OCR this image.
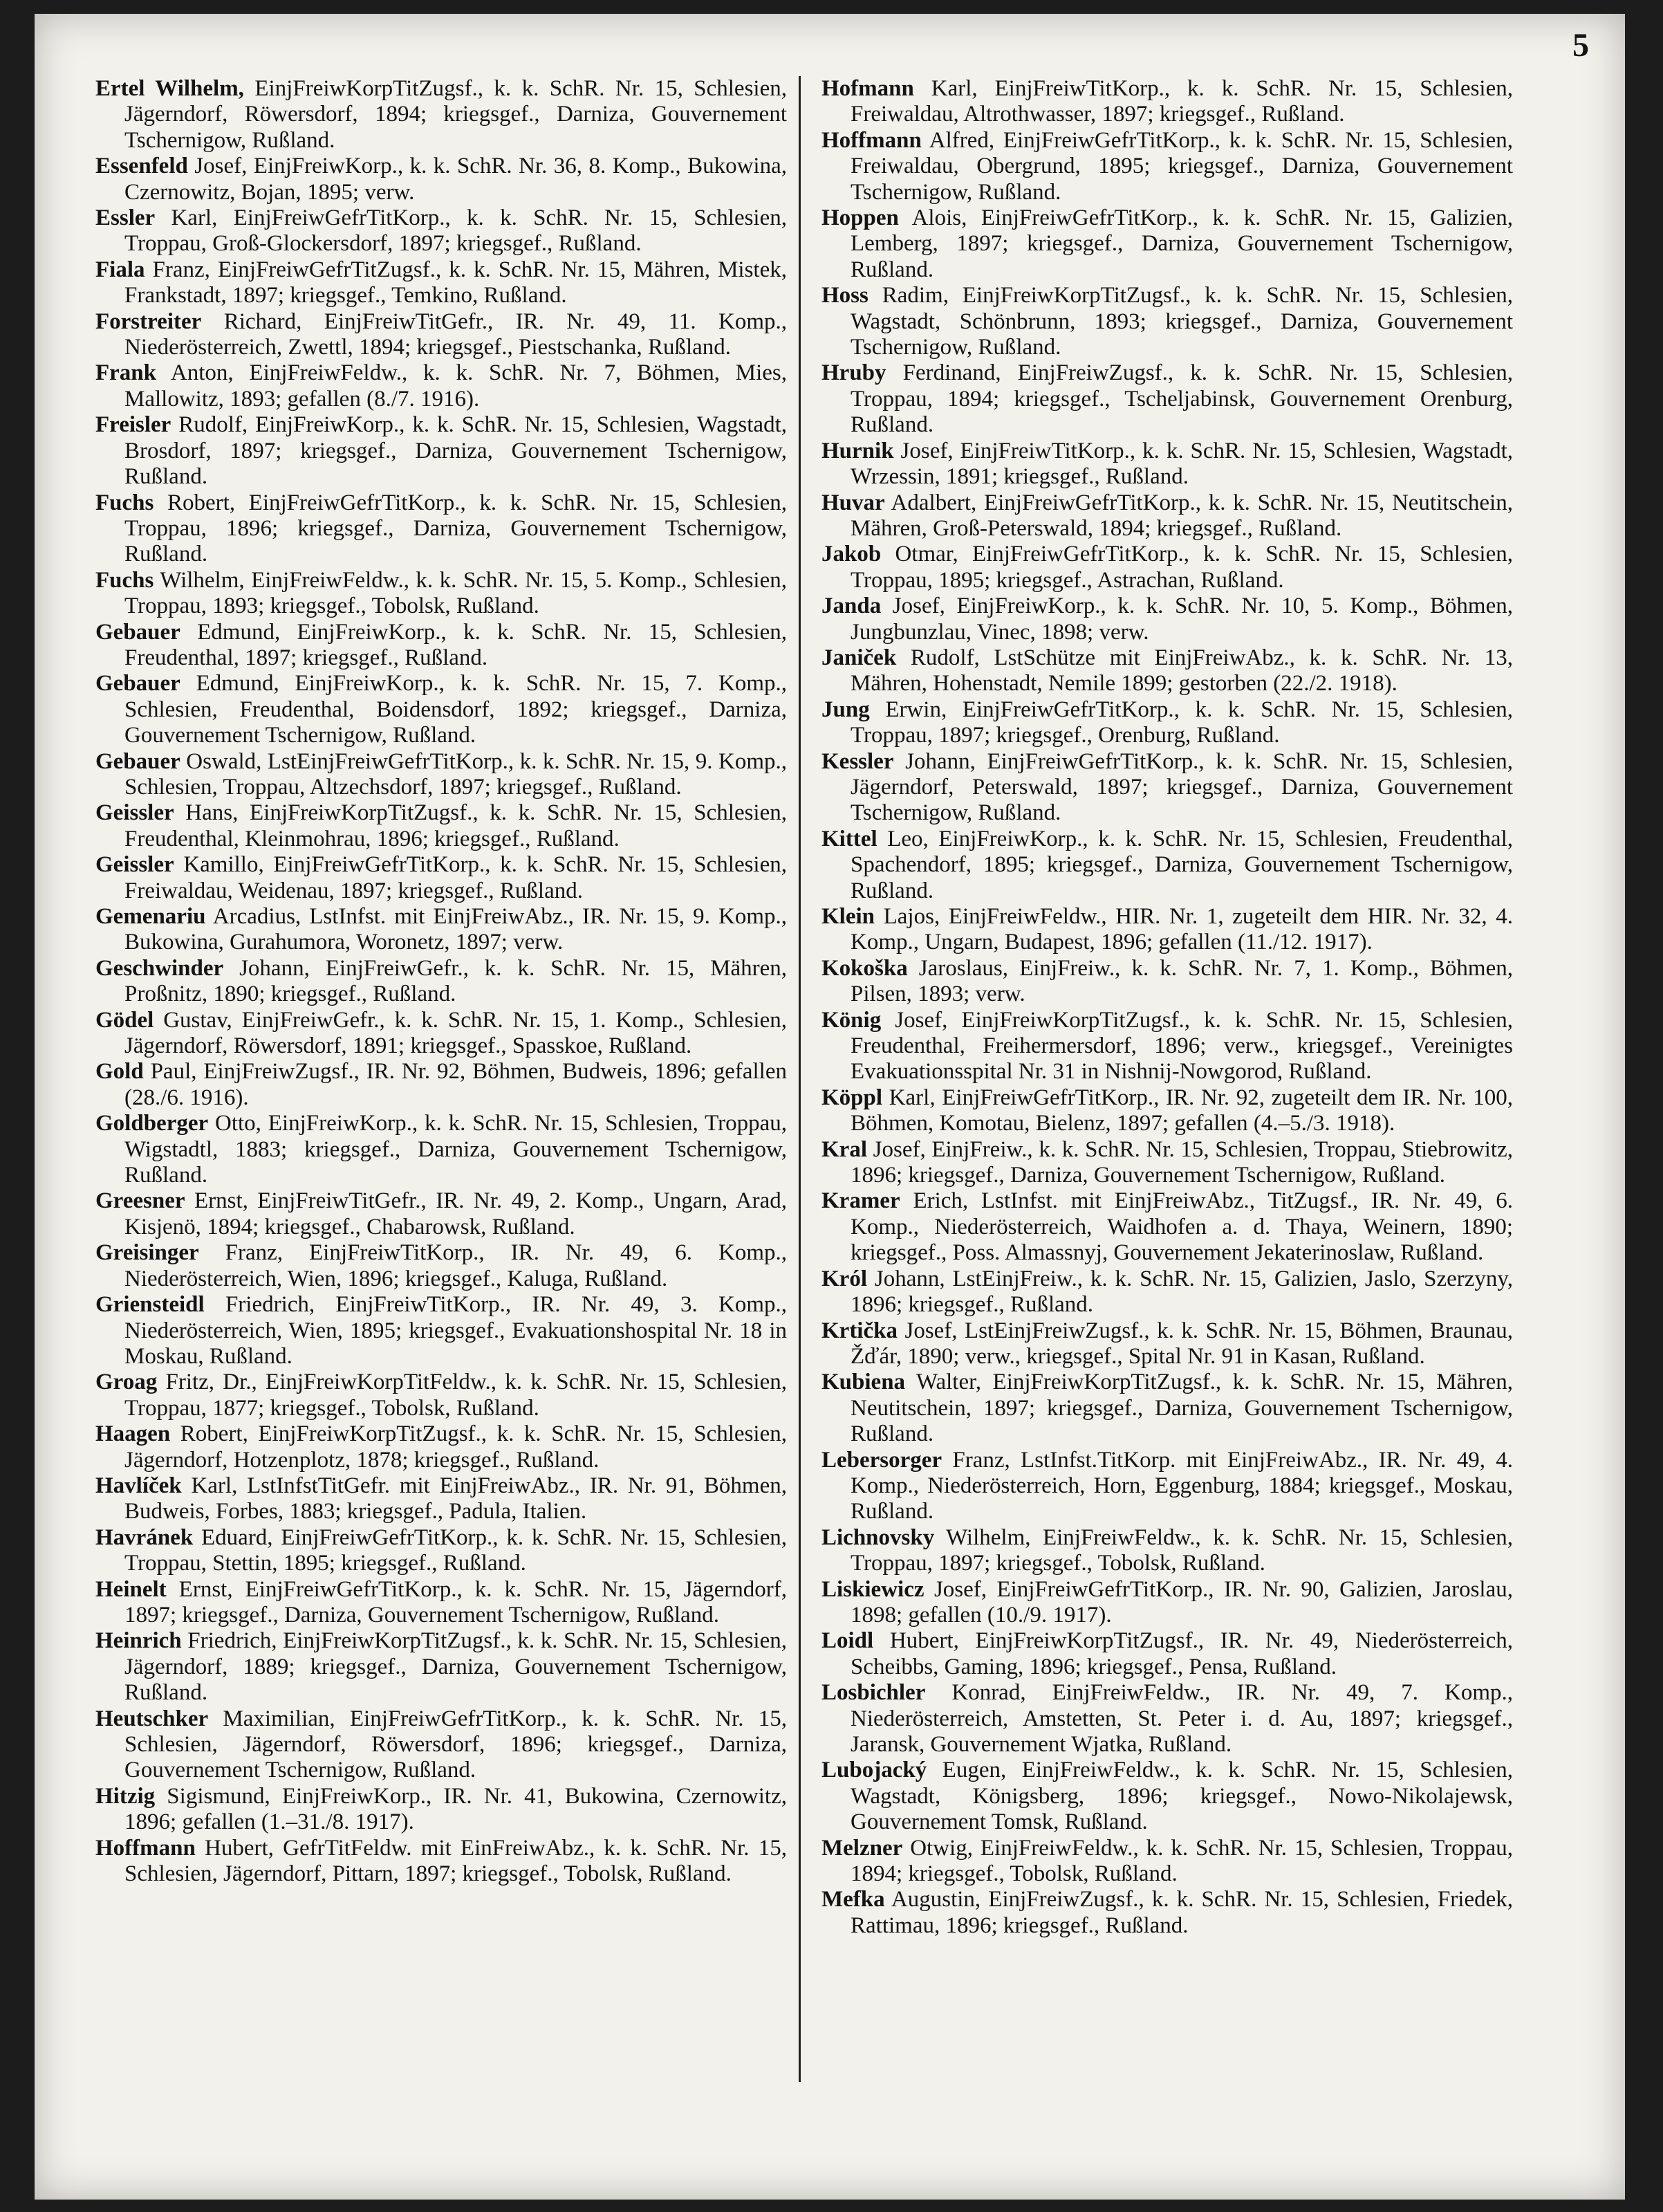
5

Ertel Wilhelm, EinjFreiwKorpTitZugsf., k. k. SchR. Nr. 15, Schlesien, Jägerndorf, Röwersdorf, 1894; kriegsgef., Darniza, Gouvernement Tschernigow, Rußland.

Essenfeld Josef, EinjFreiwKorp., k. k. SchR. Nr. 36, 8. Komp., Bukowina, Czernowitz, Bojan, 1895; verw.

Essler Karl, EinjFreiwGefrTitKorp., k. k. SchR. Nr. 15, Schlesien, Troppau, Groß-Glockersdorf, 1897; kriegsgef., Rußland.

Fiala Franz, EinjFreiwGefrTitZugsf., k. k. SchR. Nr. 15, Mähren, Mistek, Frankstadt, 1897; kriegsgef., Temkino, Rußland.

Forstreiter Richard, EinjFreiwTitGefr., IR. Nr. 49, 11. Komp., Niederösterreich, Zwettl, 1894; kriegsgef., Piestschanka, Rußland.

Frank Anton, EinjFreiwFeldw., k. k. SchR. Nr. 7, Böhmen, Mies, Mallowitz, 1893; gefallen (8./7. 1916).

Freisler Rudolf, EinjFreiwKorp., k. k. SchR. Nr. 15, Schlesien, Wagstadt, Brosdorf, 1897; kriegsgef., Darniza, Gouvernement Tschernigow, Rußland.

Fuchs Robert, EinjFreiwGefrTitKorp., k. k. SchR. Nr. 15, Schlesien, Troppau, 1896; kriegsgef., Darniza, Gouvernement Tschernigow, Rußland.

Fuchs Wilhelm, EinjFreiwFeldw., k. k. SchR. Nr. 15, 5. Komp., Schlesien, Troppau, 1893; kriegsgef., Tobolsk, Rußland.

Gebauer Edmund, EinjFreiwKorp., k. k. SchR. Nr. 15, Schlesien, Freudenthal, 1897; kriegsgef., Rußland.

Gebauer Edmund, EinjFreiwKorp., k. k. SchR. Nr. 15, 7. Komp., Schlesien, Freudenthal, Boidensdorf, 1892; kriegsgef., Darniza, Gouvernement Tschernigow, Rußland.

Gebauer Oswald, LstEinjFreiwGefrTitKorp., k. k. SchR. Nr. 15, 9. Komp., Schlesien, Troppau, Altzechsdorf, 1897; kriegsgef., Rußland.

Geissler Hans, EinjFreiwKorpTitZugsf., k. k. SchR. Nr. 15, Schlesien, Freudenthal, Kleinmohrau, 1896; kriegsgef., Rußland.

Geissler Kamillo, EinjFreiwGefrTitKorp., k. k. SchR. Nr. 15, Schlesien, Freiwaldau, Weidenau, 1897; kriegsgef., Rußland.

Gemenariu Arcadius, LstInfst. mit EinjFreiwAbz., IR. Nr. 15, 9. Komp., Bukowina, Gurahumora, Woronetz, 1897; verw.

Geschwinder Johann, EinjFreiwGefr., k. k. SchR. Nr. 15, Mähren, Proßnitz, 1890; kriegsgef., Rußland.

Gödel Gustav, EinjFreiwGefr., k. k. SchR. Nr. 15, 1. Komp., Schlesien, Jägerndorf, Röwersdorf, 1891; kriegsgef., Spasskoe, Rußland.

Gold Paul, EinjFreiwZugsf., IR. Nr. 92, Böhmen, Budweis, 1896; gefallen (28./6. 1916).

Goldberger Otto, EinjFreiwKorp., k. k. SchR. Nr. 15, Schlesien, Troppau, Wigstadtl, 1883; kriegsgef., Darniza, Gouvernement Tschernigow, Rußland.

Greesner Ernst, EinjFreiwTitGefr., IR. Nr. 49, 2. Komp., Ungarn, Arad, Kisjenö, 1894; kriegsgef., Chabarowsk, Rußland.

Greisinger Franz, EinjFreiwTitKorp., IR. Nr. 49, 6. Komp., Niederösterreich, Wien, 1896; kriegsgef., Kaluga, Rußland.

Griensteidl Friedrich, EinjFreiwTitKorp., IR. Nr. 49, 3. Komp., Niederösterreich, Wien, 1895; kriegsgef., Evakuationshospital Nr. 18 in Moskau, Rußland.

Groag Fritz, Dr., EinjFreiwKorpTitFeldw., k. k. SchR. Nr. 15, Schlesien, Troppau, 1877; kriegsgef., Tobolsk, Rußland.

Haagen Robert, EinjFreiwKorpTitZugsf., k. k. SchR. Nr. 15, Schlesien, Jägerndorf, Hotzenplotz, 1878; kriegsgef., Rußland.

Havlíček Karl, LstInfstTitGefr. mit EinjFreiwAbz., IR. Nr. 91, Böhmen, Budweis, Forbes, 1883; kriegsgef., Padula, Italien.

Havránek Eduard, EinjFreiwGefrTitKorp., k. k. SchR. Nr. 15, Schlesien, Troppau, Stettin, 1895; kriegsgef., Rußland.

Heinelt Ernst, EinjFreiwGefrTitKorp., k. k. SchR. Nr. 15, Jägerndorf, 1897; kriegsgef., Darniza, Gouvernement Tschernigow, Rußland.

Heinrich Friedrich, EinjFreiwKorpTitZugsf., k. k. SchR. Nr. 15, Schlesien, Jägerndorf, 1889; kriegsgef., Darniza, Gouvernement Tschernigow, Rußland.

Heutschker Maximilian, EinjFreiwGefrTitKorp., k. k. SchR. Nr. 15, Schlesien, Jägerndorf, Röwersdorf, 1896; kriegsgef., Darniza, Gouvernement Tschernigow, Rußland.

Hitzig Sigismund, EinjFreiwKorp., IR. Nr. 41, Bukowina, Czernowitz, 1896; gefallen (1.–31./8. 1917).

Hoffmann Hubert, GefrTitFeldw. mit EinFreiwAbz., k. k. SchR. Nr. 15, Schlesien, Jägerndorf, Pittarn, 1897; kriegsgef., Tobolsk, Rußland.

Hofmann Karl, EinjFreiwTitKorp., k. k. SchR. Nr. 15, Schlesien, Freiwaldau, Altrothwasser, 1897; kriegsgef., Rußland.

Hoffmann Alfred, EinjFreiwGefrTitKorp., k. k. SchR. Nr. 15, Schlesien, Freiwaldau, Obergrund, 1895; kriegsgef., Darniza, Gouvernement Tschernigow, Rußland.

Hoppen Alois, EinjFreiwGefrTitKorp., k. k. SchR. Nr. 15, Galizien, Lemberg, 1897; kriegsgef., Darniza, Gouvernement Tschernigow, Rußland.

Hoss Radim, EinjFreiwKorpTitZugsf., k. k. SchR. Nr. 15, Schlesien, Wagstadt, Schönbrunn, 1893; kriegsgef., Darniza, Gouvernement Tschernigow, Rußland.

Hruby Ferdinand, EinjFreiwZugsf., k. k. SchR. Nr. 15, Schlesien, Troppau, 1894; kriegsgef., Tscheljabinsk, Gouvernement Orenburg, Rußland.

Hurnik Josef, EinjFreiwTitKorp., k. k. SchR. Nr. 15, Schlesien, Wagstadt, Wrzessin, 1891; kriegsgef., Rußland.

Huvar Adalbert, EinjFreiwGefrTitKorp., k. k. SchR. Nr. 15, Neutitschein, Mähren, Groß-Peterswald, 1894; kriegsgef., Rußland.

Jakob Otmar, EinjFreiwGefrTitKorp., k. k. SchR. Nr. 15, Schlesien, Troppau, 1895; kriegsgef., Astrachan, Rußland.

Janda Josef, EinjFreiwKorp., k. k. SchR. Nr. 10, 5. Komp., Böhmen, Jungbunzlau, Vinec, 1898; verw.

Janiček Rudolf, LstSchütze mit EinjFreiwAbz., k. k. SchR. Nr. 13, Mähren, Hohenstadt, Nemile 1899; gestorben (22./2. 1918).

Jung Erwin, EinjFreiwGefrTitKorp., k. k. SchR. Nr. 15, Schlesien, Troppau, 1897; kriegsgef., Orenburg, Rußland.

Kessler Johann, EinjFreiwGefrTitKorp., k. k. SchR. Nr. 15, Schlesien, Jägerndorf, Peterswald, 1897; kriegsgef., Darniza, Gouvernement Tschernigow, Rußland.

Kittel Leo, EinjFreiwKorp., k. k. SchR. Nr. 15, Schlesien, Freudenthal, Spachendorf, 1895; kriegsgef., Darniza, Gouvernement Tschernigow, Rußland.

Klein Lajos, EinjFreiwFeldw., HIR. Nr. 1, zugeteilt dem HIR. Nr. 32, 4. Komp., Ungarn, Budapest, 1896; gefallen (11./12. 1917).

Kokoška Jaroslaus, EinjFreiw., k. k. SchR. Nr. 7, 1. Komp., Böhmen, Pilsen, 1893; verw.

König Josef, EinjFreiwKorpTitZugsf., k. k. SchR. Nr. 15, Schlesien, Freudenthal, Freihermersdorf, 1896; verw., kriegsgef., Vereinigtes Evakuationsspital Nr. 31 in Nishnij-Nowgorod, Rußland.

Köppl Karl, EinjFreiwGefrTitKorp., IR. Nr. 92, zugeteilt dem IR. Nr. 100, Böhmen, Komotau, Bielenz, 1897; gefallen (4.–5./3. 1918).

Kral Josef, EinjFreiw., k. k. SchR. Nr. 15, Schlesien, Troppau, Stiebrowitz, 1896; kriegsgef., Darniza, Gouvernement Tschernigow, Rußland.

Kramer Erich, LstInfst. mit EinjFreiwAbz., TitZugsf., IR. Nr. 49, 6. Komp., Niederösterreich, Waidhofen a. d. Thaya, Weinern, 1890; kriegsgef., Poss. Almassnyj, Gouvernement Jekaterinoslaw, Rußland.

Król Johann, LstEinjFreiw., k. k. SchR. Nr. 15, Galizien, Jaslo, Szerzyny, 1896; kriegsgef., Rußland.

Krtička Josef, LstEinjFreiwZugsf., k. k. SchR. Nr. 15, Böhmen, Braunau, Žďár, 1890; verw., kriegsgef., Spital Nr. 91 in Kasan, Rußland.

Kubiena Walter, EinjFreiwKorpTitZugsf., k. k. SchR. Nr. 15, Mähren, Neutitschein, 1897; kriegsgef., Darniza, Gouvernement Tschernigow, Rußland.

Lebersorger Franz, LstInfst.TitKorp. mit EinjFreiwAbz., IR. Nr. 49, 4. Komp., Niederösterreich, Horn, Eggenburg, 1884; kriegsgef., Moskau, Rußland.

Lichnovsky Wilhelm, EinjFreiwFeldw., k. k. SchR. Nr. 15, Schlesien, Troppau, 1897; kriegsgef., Tobolsk, Rußland.

Liskiewicz Josef, EinjFreiwGefrTitKorp., IR. Nr. 90, Galizien, Jaroslau, 1898; gefallen (10./9. 1917).

Loidl Hubert, EinjFreiwKorpTitZugsf., IR. Nr. 49, Niederösterreich, Scheibbs, Gaming, 1896; kriegsgef., Pensa, Rußland.

Losbichler Konrad, EinjFreiwFeldw., IR. Nr. 49, 7. Komp., Niederösterreich, Amstetten, St. Peter i. d. Au, 1897; kriegsgef., Jaransk, Gouvernement Wjatka, Rußland.

Lubojacký Eugen, EinjFreiwFeldw., k. k. SchR. Nr. 15, Schlesien, Wagstadt, Königsberg, 1896; kriegsgef., Nowo-Nikolajewsk, Gouvernement Tomsk, Rußland.

Melzner Otwig, EinjFreiwFeldw., k. k. SchR. Nr. 15, Schlesien, Troppau, 1894; kriegsgef., Tobolsk, Rußland.

Mefka Augustin, EinjFreiwZugsf., k. k. SchR. Nr. 15, Schlesien, Friedek, Rattimau, 1896; kriegsgef., Rußland.
